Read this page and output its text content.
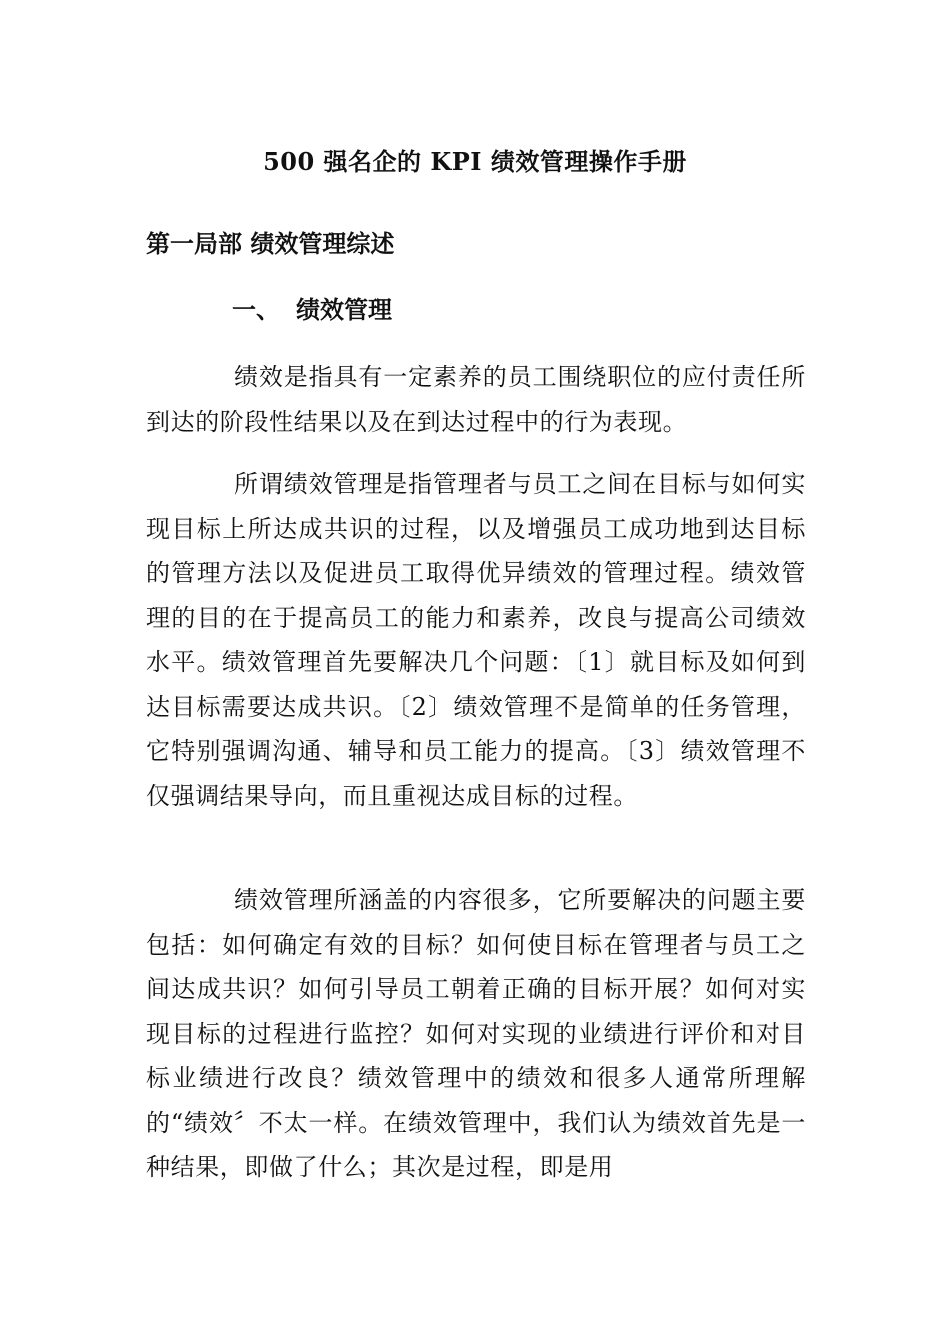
500 强名企的 KPI 绩效管理操作手册
第一局部 绩效管理综述
一、 绩效管理

绩效是指具有一定素养的员工围绕职位的应付责任所到达的阶段性结果以及在到达过程中的行为表现。

所谓绩效管理是指管理者与员工之间在目标与如何实现目标上所达成共识的过程，以及增强员工成功地到达目标的管理方法以及促进员工取得优异绩效的管理过程。绩效管理的目的在于提高员工的能力和素养，改良与提高公司绩效水平。绩效管理首先要解决几个问题：〔1〕就目标及如何到达目标需要达成共识。〔2〕绩效管理不是简单的任务管理，它特别强调沟通、辅导和员工能力的提高。〔3〕绩效管理不仅强调结果导向，而且重视达成目标的过程。

绩效管理所涵盖的内容很多，它所要解决的问题主要包括：如何确定有效的目标？如何使目标在管理者与员工之间达成共识？如何引导员工朝着正确的目标开展？如何对实现目标的过程进行监控？如何对实现的业绩进行评价和对目标业绩进行改良？绩效管理中的绩效和很多人通常所理解的“绩效〞不太一样。在绩效管理中，我们认为绩效首先是一种结果，即做了什么；其次是过程，即是用
